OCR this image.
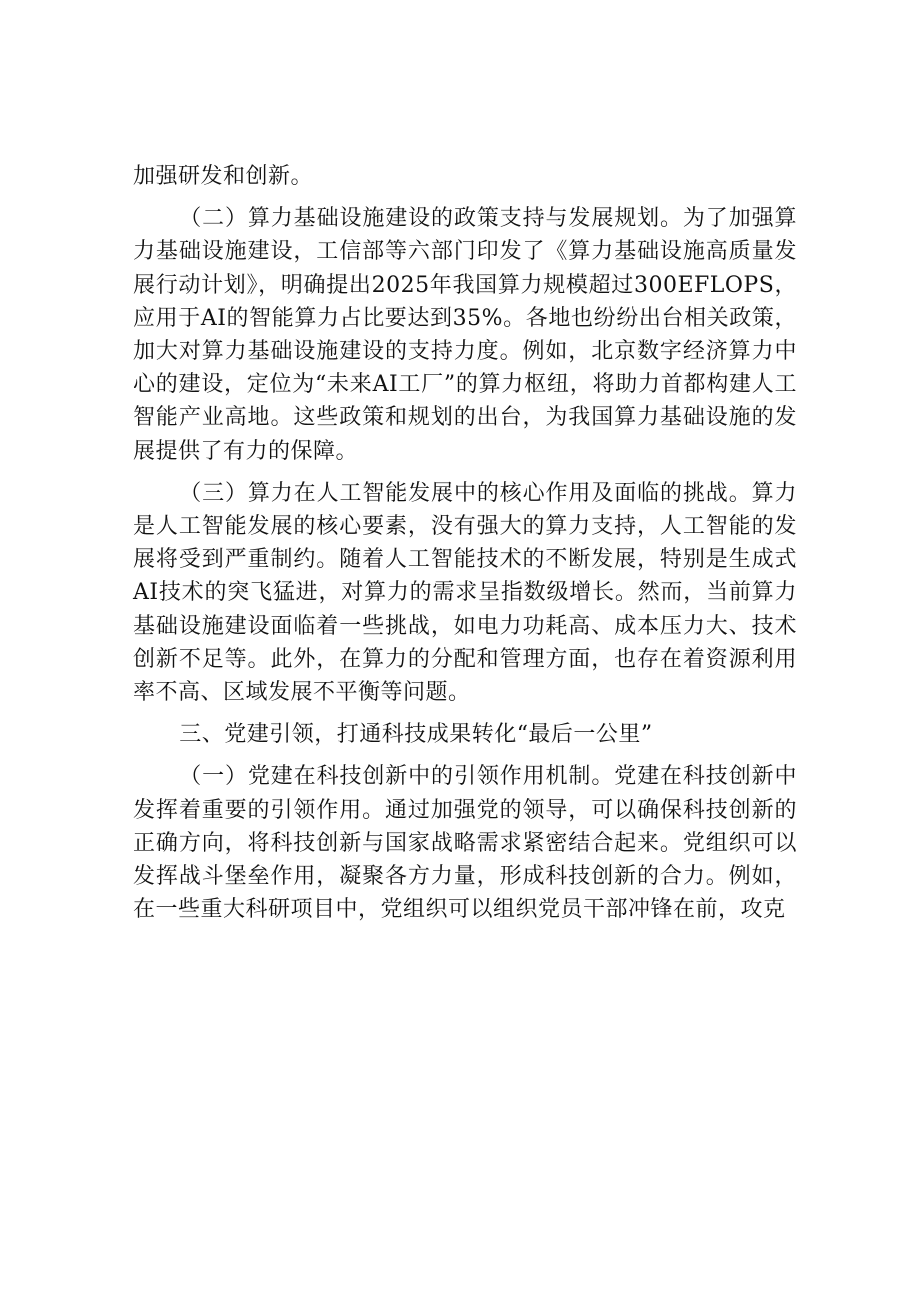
加强研发和创新。

（二）算力基础设施建设的政策支持与发展规划。为了加强算力基础设施建设，工信部等六部门印发了《算力基础设施高质量发展行动计划》，明确提出2025年我国算力规模超过300EFLOPS，应用于AI的智能算力占比要达到35%。各地也纷纷出台相关政策，加大对算力基础设施建设的支持力度。例如，北京数字经济算力中心的建设，定位为“未来AI工厂”的算力枢纽，将助力首都构建人工智能产业高地。这些政策和规划的出台，为我国算力基础设施的发展提供了有力的保障。

（三）算力在人工智能发展中的核心作用及面临的挑战。算力是人工智能发展的核心要素，没有强大的算力支持，人工智能的发展将受到严重制约。随着人工智能技术的不断发展，特别是生成式AI技术的突飞猛进，对算力的需求呈指数级增长。然而，当前算力基础设施建设面临着一些挑战，如电力功耗高、成本压力大、技术创新不足等。此外，在算力的分配和管理方面，也存在着资源利用率不高、区域发展不平衡等问题。

三、党建引领，打通科技成果转化“最后一公里”

（一）党建在科技创新中的引领作用机制。党建在科技创新中发挥着重要的引领作用。通过加强党的领导，可以确保科技创新的正确方向，将科技创新与国家战略需求紧密结合起来。党组织可以发挥战斗堡垒作用，凝聚各方力量，形成科技创新的合力。例如，在一些重大科研项目中，党组织可以组织党员干部冲锋在前，攻克
